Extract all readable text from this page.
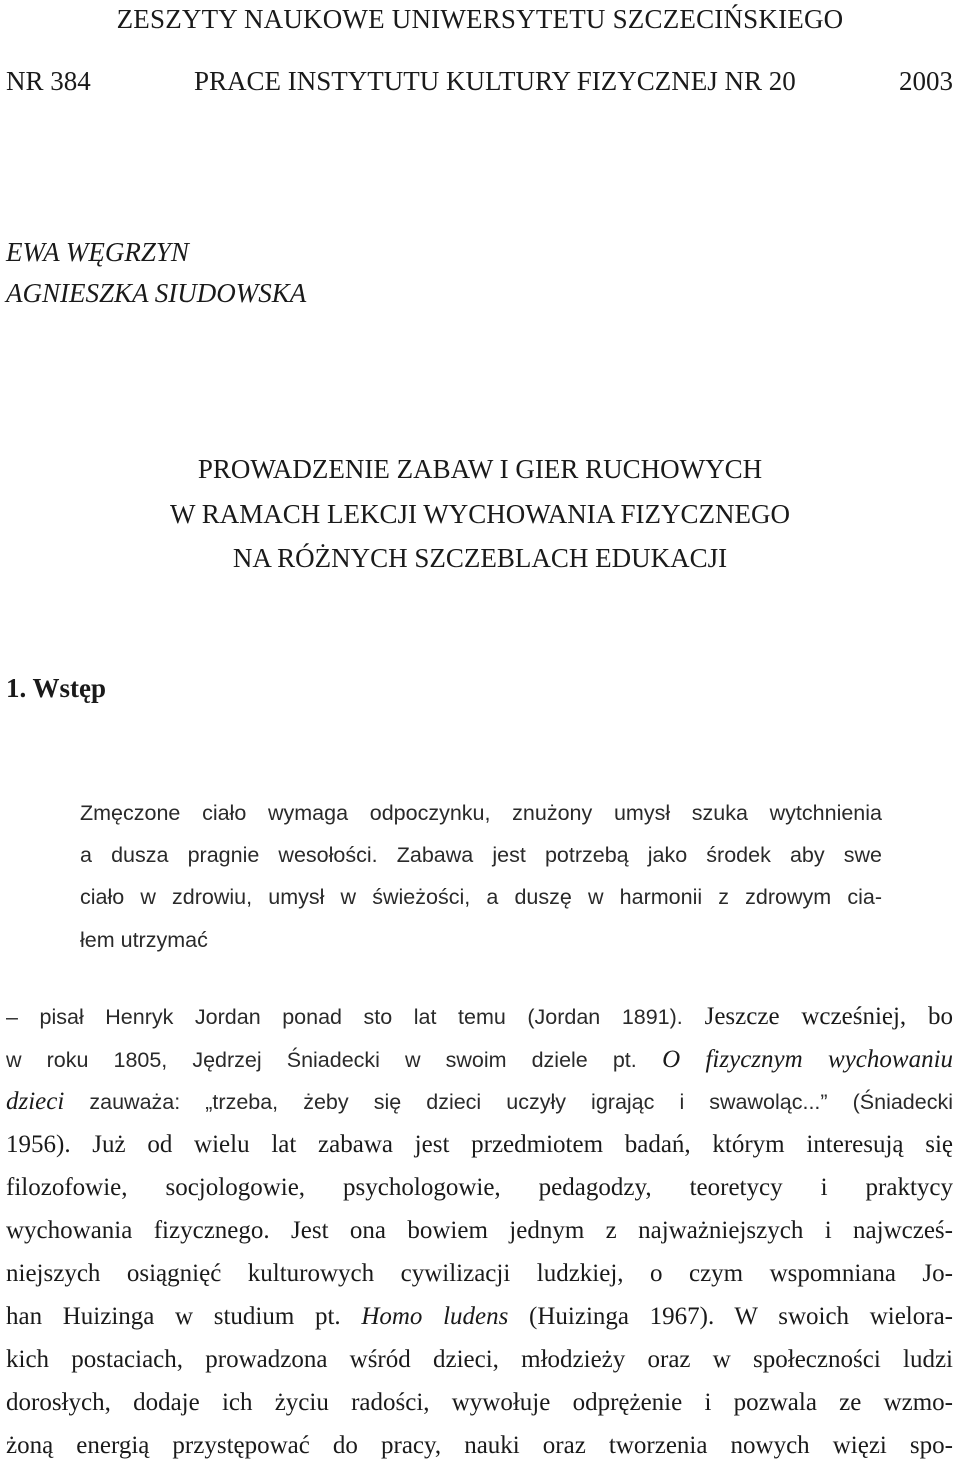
ZESZYTY NAUKOWE UNIWERSYTETU SZCZECIŃSKIEGO
NR 384	PRACE INSTYTUTU KULTURY FIZYCZNEJ NR 20	2003
EWA WĘGRZYN
AGNIESZKA SIUDOWSKA
PROWADZENIE ZABAW I GIER RUCHOWYCH
W RAMACH LEKCJI WYCHOWANIA FIZYCZNEGO
NA RÓŻNYCH SZCZEBLACH EDUKACJI
1. Wstęp
Zmęczone ciało wymaga odpoczynku, znużony umysł szuka wytchnienia
a dusza pragnie wesołości. Zabawa jest potrzebą jako środek aby swe
ciało w zdrowiu, umysł w świeżości, a duszę w harmonii z zdrowym cia-
łem utrzymać
– pisał Henryk Jordan ponad sto lat temu (Jordan 1891). Jeszcze wcześniej, bo
w roku 1805, Jędrzej Śniadecki w swoim dziele pt. O fizycznym wychowaniu
dzieci zauważa: „trzeba, żeby się dzieci uczyły igrając i swawoląc...” (Śniadecki
1956). Już od wielu lat zabawa jest przedmiotem badań, którym interesują się
filozofowie, socjologowie, psychologowie, pedagodzy, teoretycy i praktycy
wychowania fizycznego. Jest ona bowiem jednym z najważniejszych i najwcześ-
niejszych osiągnięć kulturowych cywilizacji ludzkiej, o czym wspomniana Jo-
han Huizinga w studium pt. Homo ludens (Huizinga 1967). W swoich wielora-
kich postaciach, prowadzona wśród dzieci, młodzieży oraz w społeczności ludzi
dorosłych, dodaje ich życiu radości, wywołuje odprężenie i pozwala ze wzmo-
żoną energią przystępować do pracy, nauki oraz tworzenia nowych więzi spo-
